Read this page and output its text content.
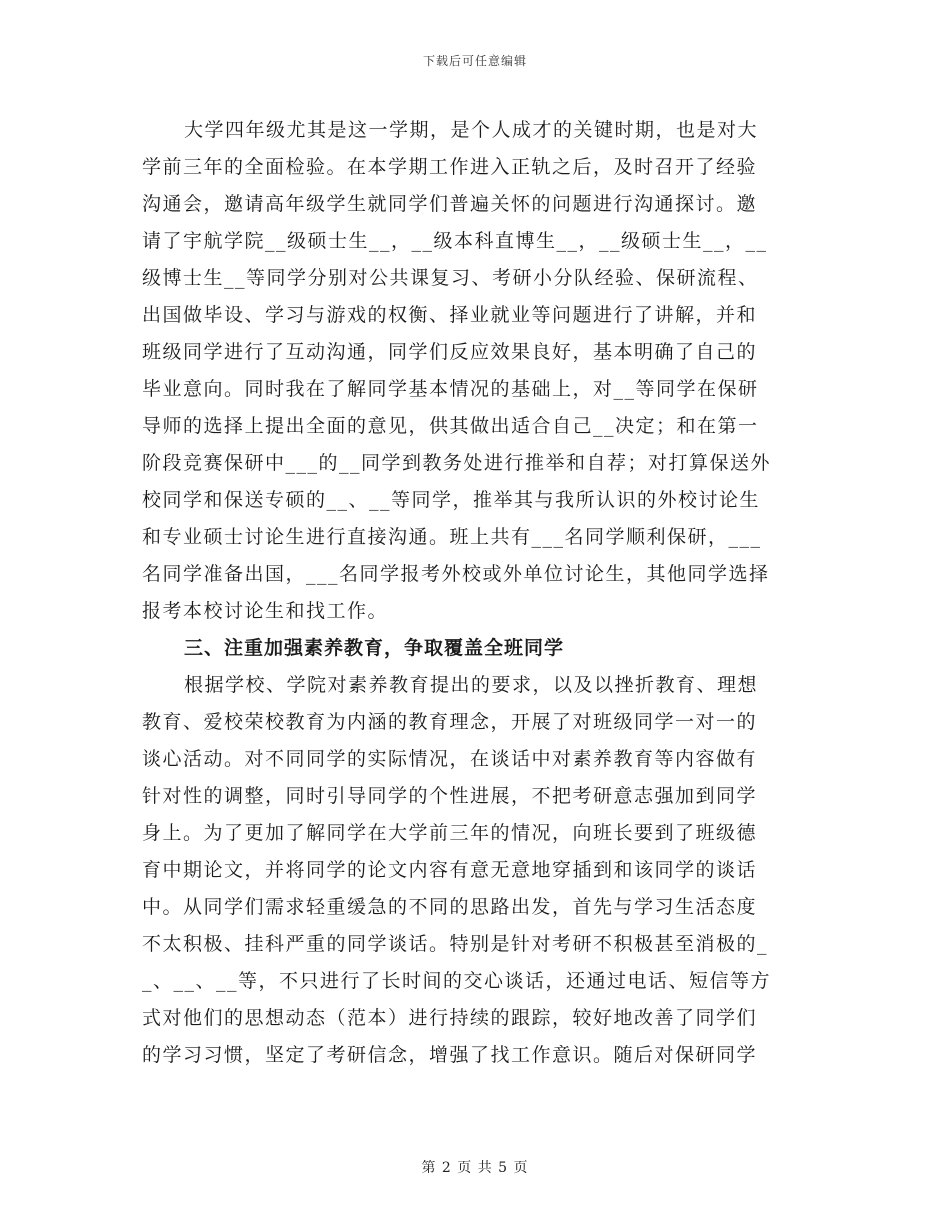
下载后可任意编辑
大学四年级尤其是这一学期，是个人成才的关键时期，也是对大
学前三年的全面检验。在本学期工作进入正轨之后，及时召开了经验
沟通会，邀请高年级学生就同学们普遍关怀的问题进行沟通探讨。邀
请了宇航学院__级硕士生__，__级本科直博生__，__级硕士生__，__
级博士生__等同学分别对公共课复习、考研小分队经验、保研流程、
出国做毕设、学习与游戏的权衡、择业就业等问题进行了讲解，并和
班级同学进行了互动沟通，同学们反应效果良好，基本明确了自己的
毕业意向。同时我在了解同学基本情况的基础上，对__等同学在保研
导师的选择上提出全面的意见，供其做出适合自己__决定；和在第一
阶段竞赛保研中___的__同学到教务处进行推举和自荐；对打算保送外
校同学和保送专硕的__、__等同学，推举其与我所认识的外校讨论生
和专业硕士讨论生进行直接沟通。班上共有___名同学顺利保研，___
名同学准备出国，___名同学报考外校或外单位讨论生，其他同学选择
报考本校讨论生和找工作。
三、注重加强素养教育，争取覆盖全班同学
根据学校、学院对素养教育提出的要求，以及以挫折教育、理想
教育、爱校荣校教育为内涵的教育理念，开展了对班级同学一对一的
谈心活动。对不同同学的实际情况，在谈话中对素养教育等内容做有
针对性的调整，同时引导同学的个性进展，不把考研意志强加到同学
身上。为了更加了解同学在大学前三年的情况，向班长要到了班级德
育中期论文，并将同学的论文内容有意无意地穿插到和该同学的谈话
中。从同学们需求轻重缓急的不同的思路出发，首先与学习生活态度
不太积极、挂科严重的同学谈话。特别是针对考研不积极甚至消极的_
_、__、__等，不只进行了长时间的交心谈话，还通过电话、短信等方
式对他们的思想动态（范本）进行持续的跟踪，较好地改善了同学们
的学习习惯，坚定了考研信念，增强了找工作意识。随后对保研同学
第 2 页 共 5 页
